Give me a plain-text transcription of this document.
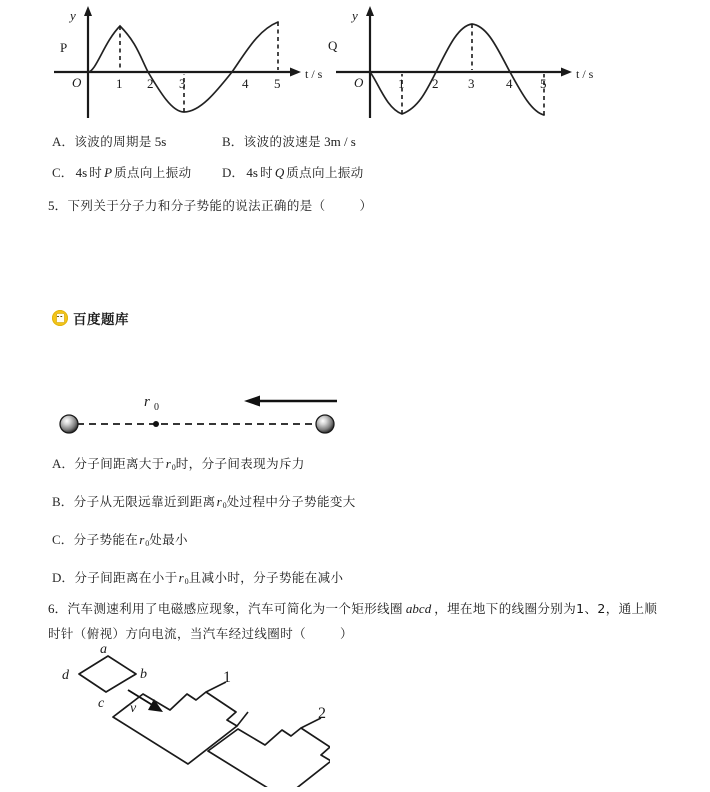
P
O
y
t / s
1 2 3	4 5
Q
O
y
t / s
1 2 3 4 5
A．该波的周期是 5s	B．该波的波速是 3m / s
C． 4s 时 P 质点向上振动 D． 4s 时 Q 质点向上振动
5．下列关于分子力和分子势能的说法正确的是（	）
百度题库
r 0
A．分子间距离大于$r_0$时，分子间表现为斥力
B．分子从无限远靠近到距离$r_0$处过程中分子势能变大
C．分子势能在$r_0$处最小
D．分子间距离在小于$r_0$且减小时，分子势能在减小
6．汽车测速利用了电磁感应现象，汽车可简化为一个矩形线圈 abcd ，埋在地下的线圈分别为1、2，通上顺
时针（俯视）方向电流，当汽车经过线圈时（	）
a
b
c
d
v
1
2
